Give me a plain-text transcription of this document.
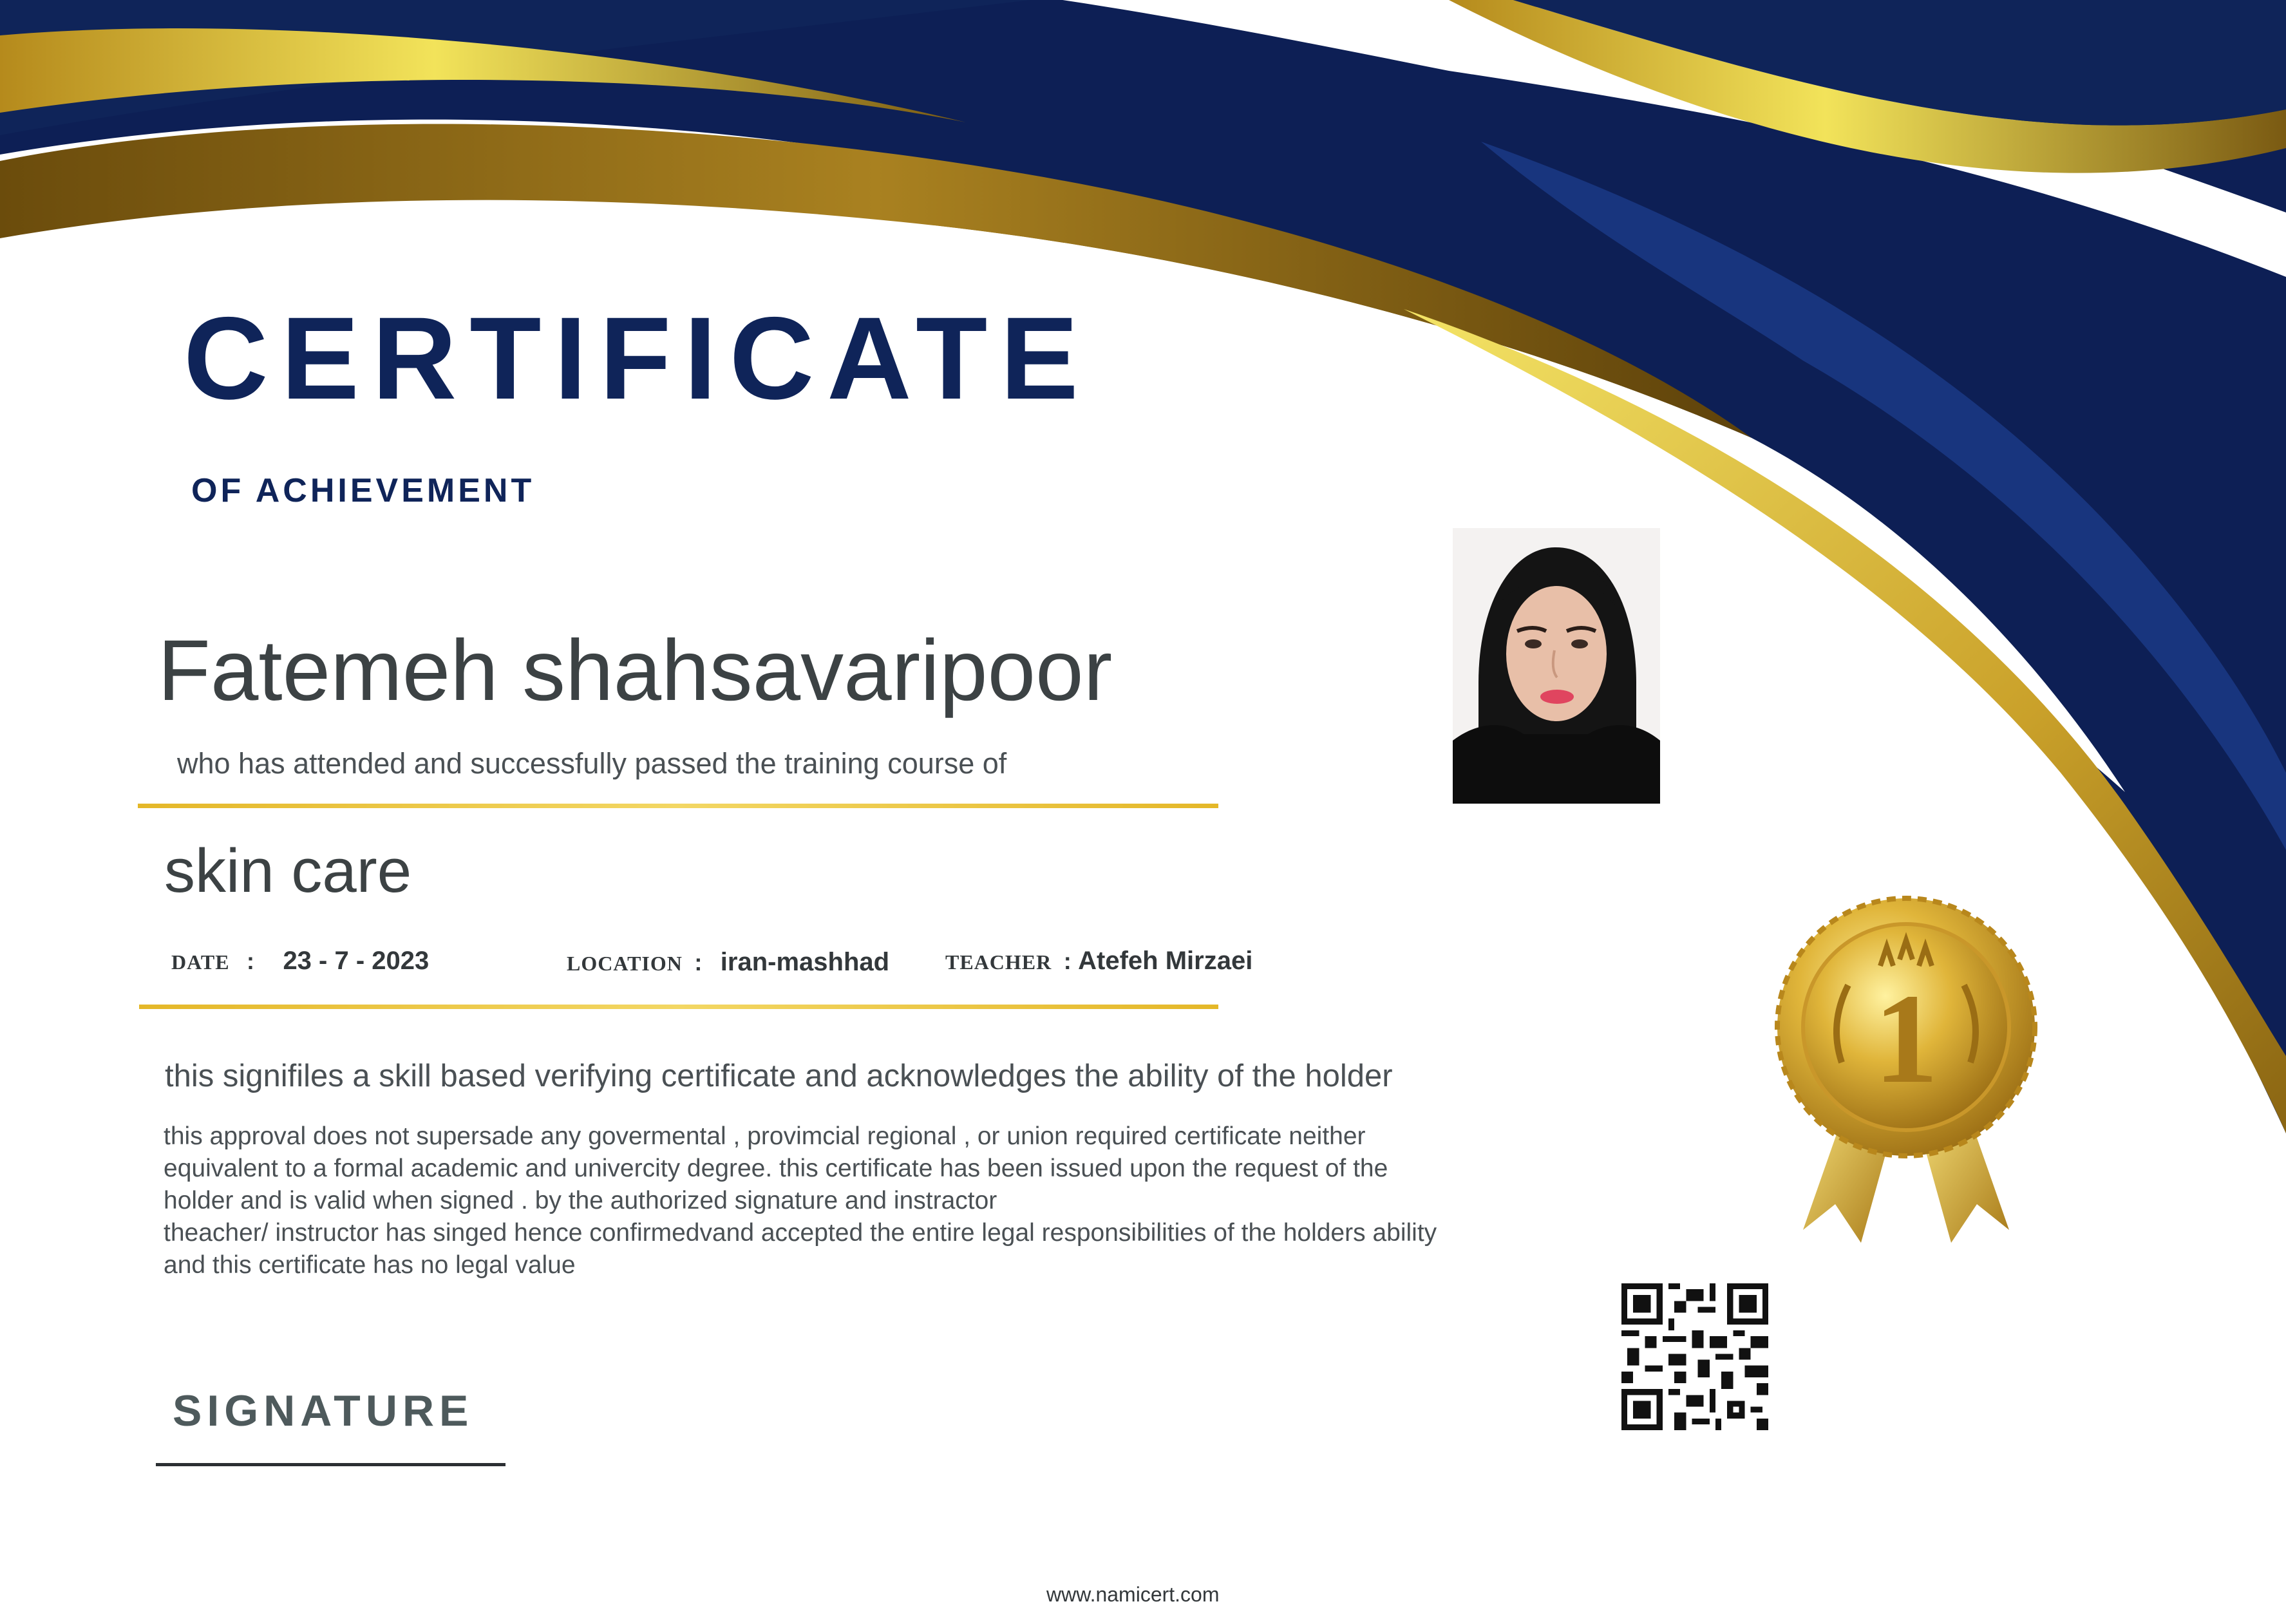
CERTIFICATE
OF ACHIEVEMENT
Fatemeh shahsavaripoor
who has attended and successfully passed the training course of
skin care
DATE : 23 - 7 - 2023	LOCATION : iran-mashhad	TEACHER : Atefeh Mirzaei
this signifiles a skill based verifying certificate and acknowledges the ability of the holder
this approval does not supersade any govermental , provimcial regional , or union required certificate neither
equivalent to a formal academic and univercity degree. this certificate has been issued upon the request of the
holder and is valid when signed . by the authorized signature and instractor
theacher/ instructor has singed hence confirmedvand accepted the entire legal responsibilities of the holders ability
and this certificate has no legal value
SIGNATURE
1
www.namicert.com
